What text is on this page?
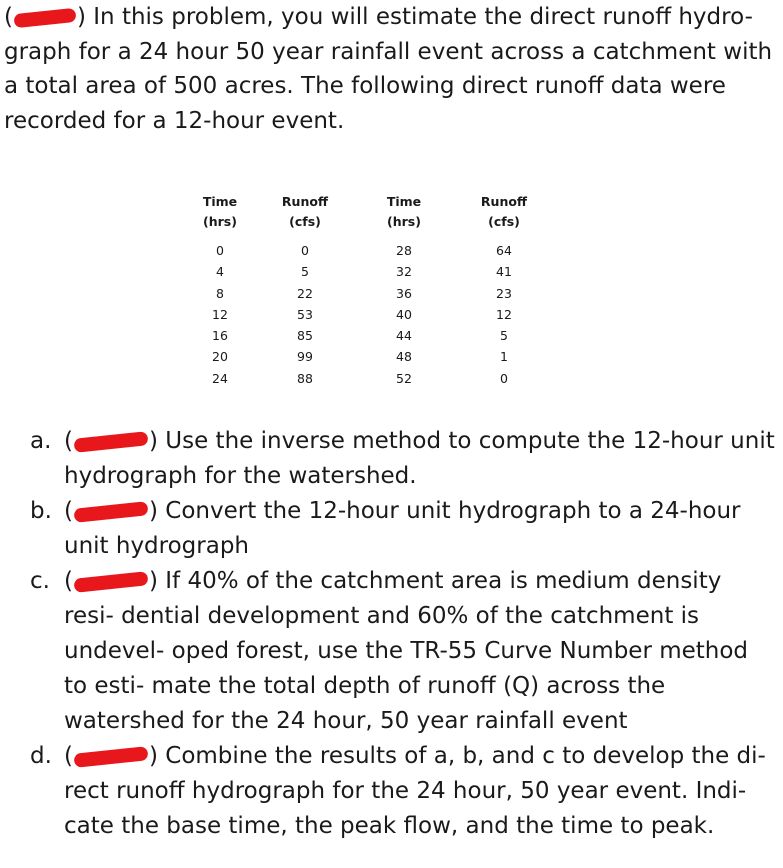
(	) In this problem, you will estimate the direct runoff hydro- graph for a 24 hour 50 year rainfall event across a catchment with a total area of 500 acres. The following direct runoff data were recorded for a 12-hour event.

Time
(hrs)	Runoff
(cfs)	Time
(hrs)	Runoff
(cfs)
0	0	28	64
4	5	32	41
8	22	36	23
12	53	40	12
16	85	44	5
20	99	48	1
24	88	52	0
a. (	) Use the inverse method to compute the 12-hour unit hydrograph for the watershed.
b. (	) Convert the 12-hour unit hydrograph to a 24-hour unit hydrograph
c. (	) If 40% of the catchment area is medium density resi- dential development and 60% of the catchment is undevel- oped forest, use the TR-55 Curve Number method to esti- mate the total depth of runoff (Q) across the watershed for the 24 hour, 50 year rainfall event
d. (	) Combine the results of a, b, and c to develop the di- rect runoff hydrograph for the 24 hour, 50 year event. Indi- cate the base time, the peak flow, and the time to peak.
